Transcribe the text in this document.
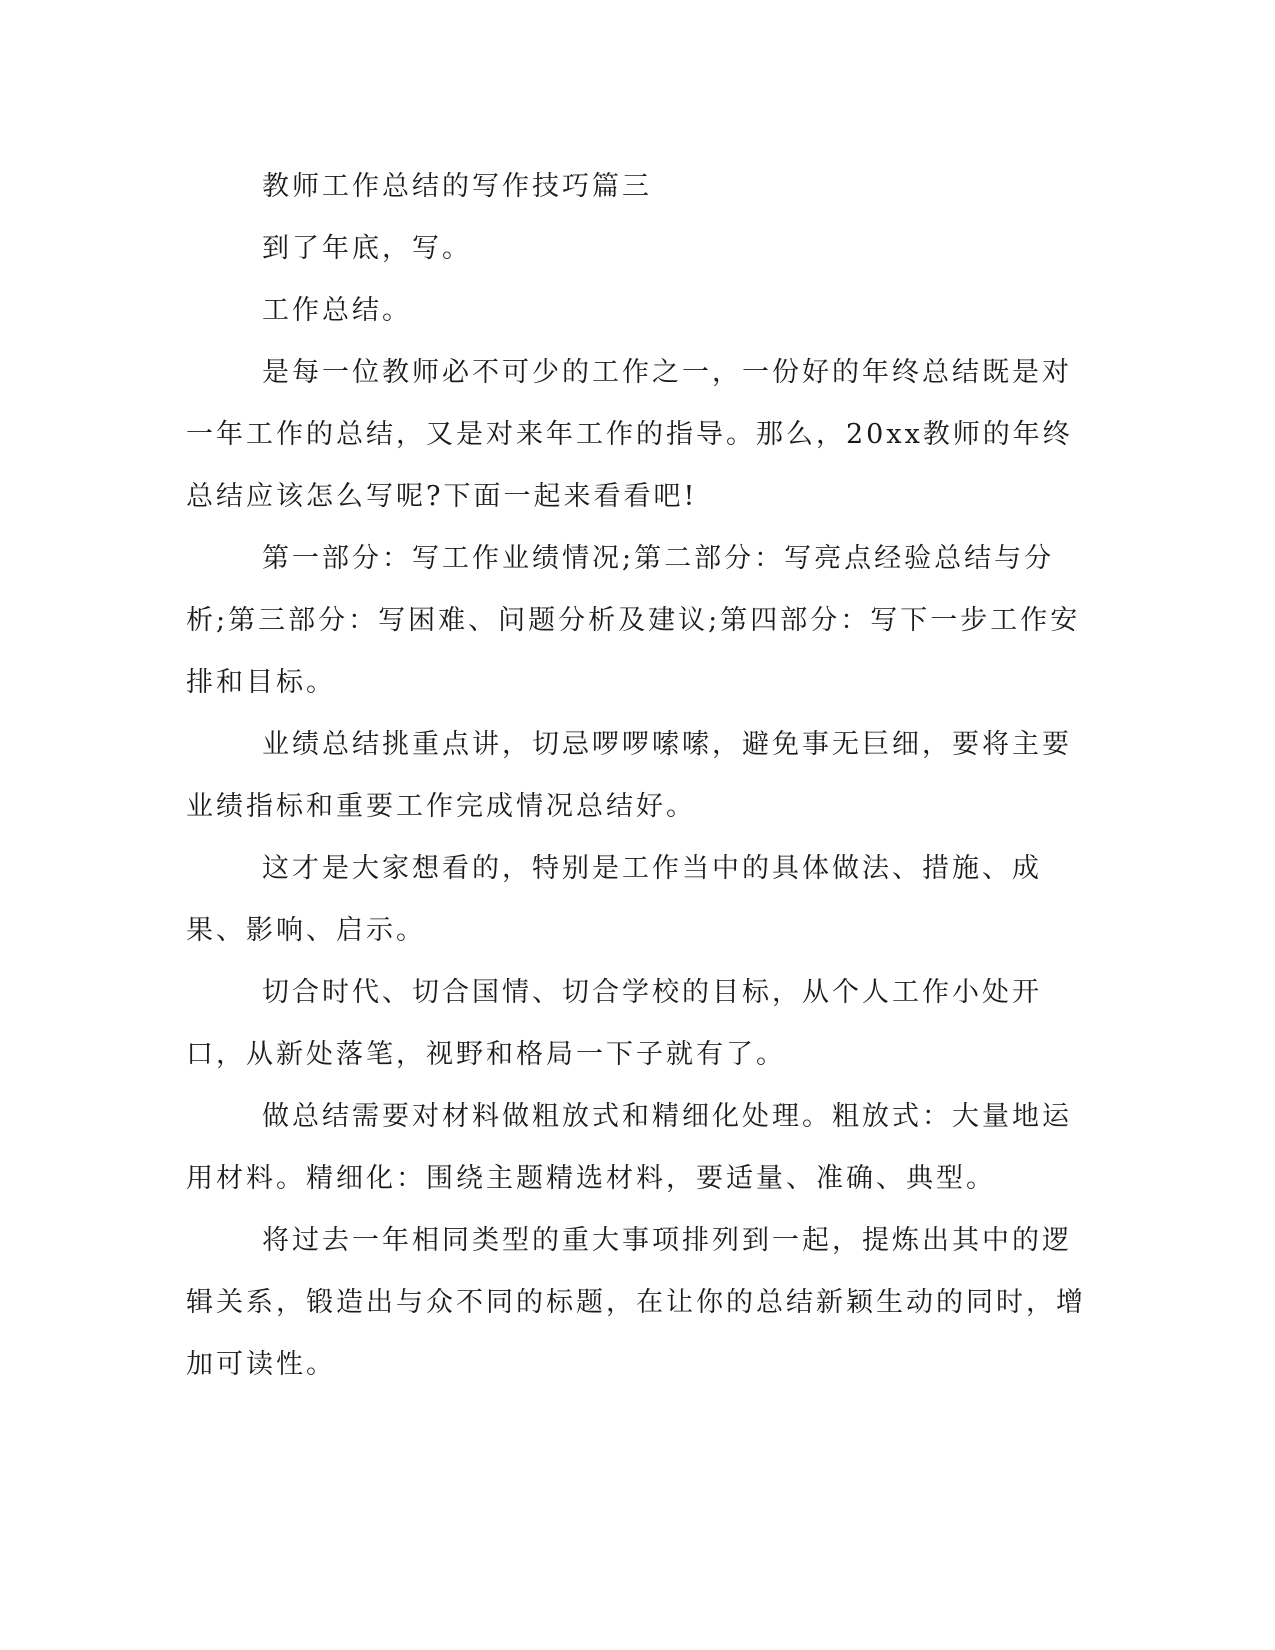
教师工作总结的写作技巧篇三

到了年底，写。

工作总结。

是每一位教师必不可少的工作之一，一份好的年终总结既是对一年工作的总结，又是对来年工作的指导。那么，20xx教师的年终总结应该怎么写呢?下面一起来看看吧!

第一部分：写工作业绩情况;第二部分：写亮点经验总结与分析;第三部分：写困难、问题分析及建议;第四部分：写下一步工作安排和目标。

业绩总结挑重点讲，切忌啰啰嗦嗦，避免事无巨细，要将主要业绩指标和重要工作完成情况总结好。

这才是大家想看的，特别是工作当中的具体做法、措施、成果、影响、启示。

切合时代、切合国情、切合学校的目标，从个人工作小处开口，从新处落笔，视野和格局一下子就有了。

做总结需要对材料做粗放式和精细化处理。粗放式：大量地运用材料。精细化：围绕主题精选材料，要适量、准确、典型。

将过去一年相同类型的重大事项排列到一起，提炼出其中的逻辑关系，锻造出与众不同的标题，在让你的总结新颖生动的同时，增加可读性。
